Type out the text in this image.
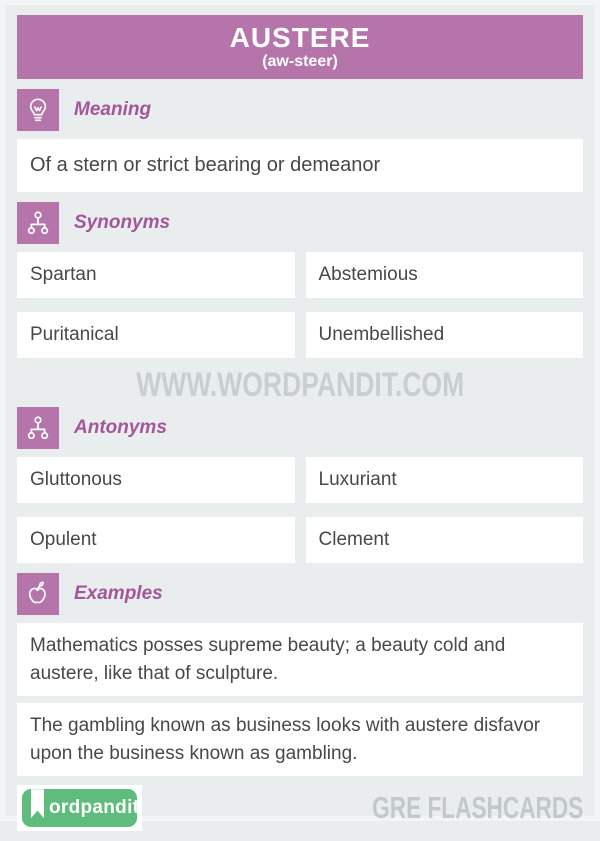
AUSTERE
(aw-steer)
Meaning
Of a stern or strict bearing or demeanor
Synonyms
Spartan	Abstemious
Puritanical	Unembellished
WWW.WORDPANDIT.COM
Antonyms
Gluttonous	Luxuriant
Opulent	Clement
Examples
Mathematics posses supreme beauty; a beauty cold and austere, like that of sculpture.
The gambling known as business looks with austere disfavor upon the business known as gambling.
ordpandit	GRE FLASHCARDS
